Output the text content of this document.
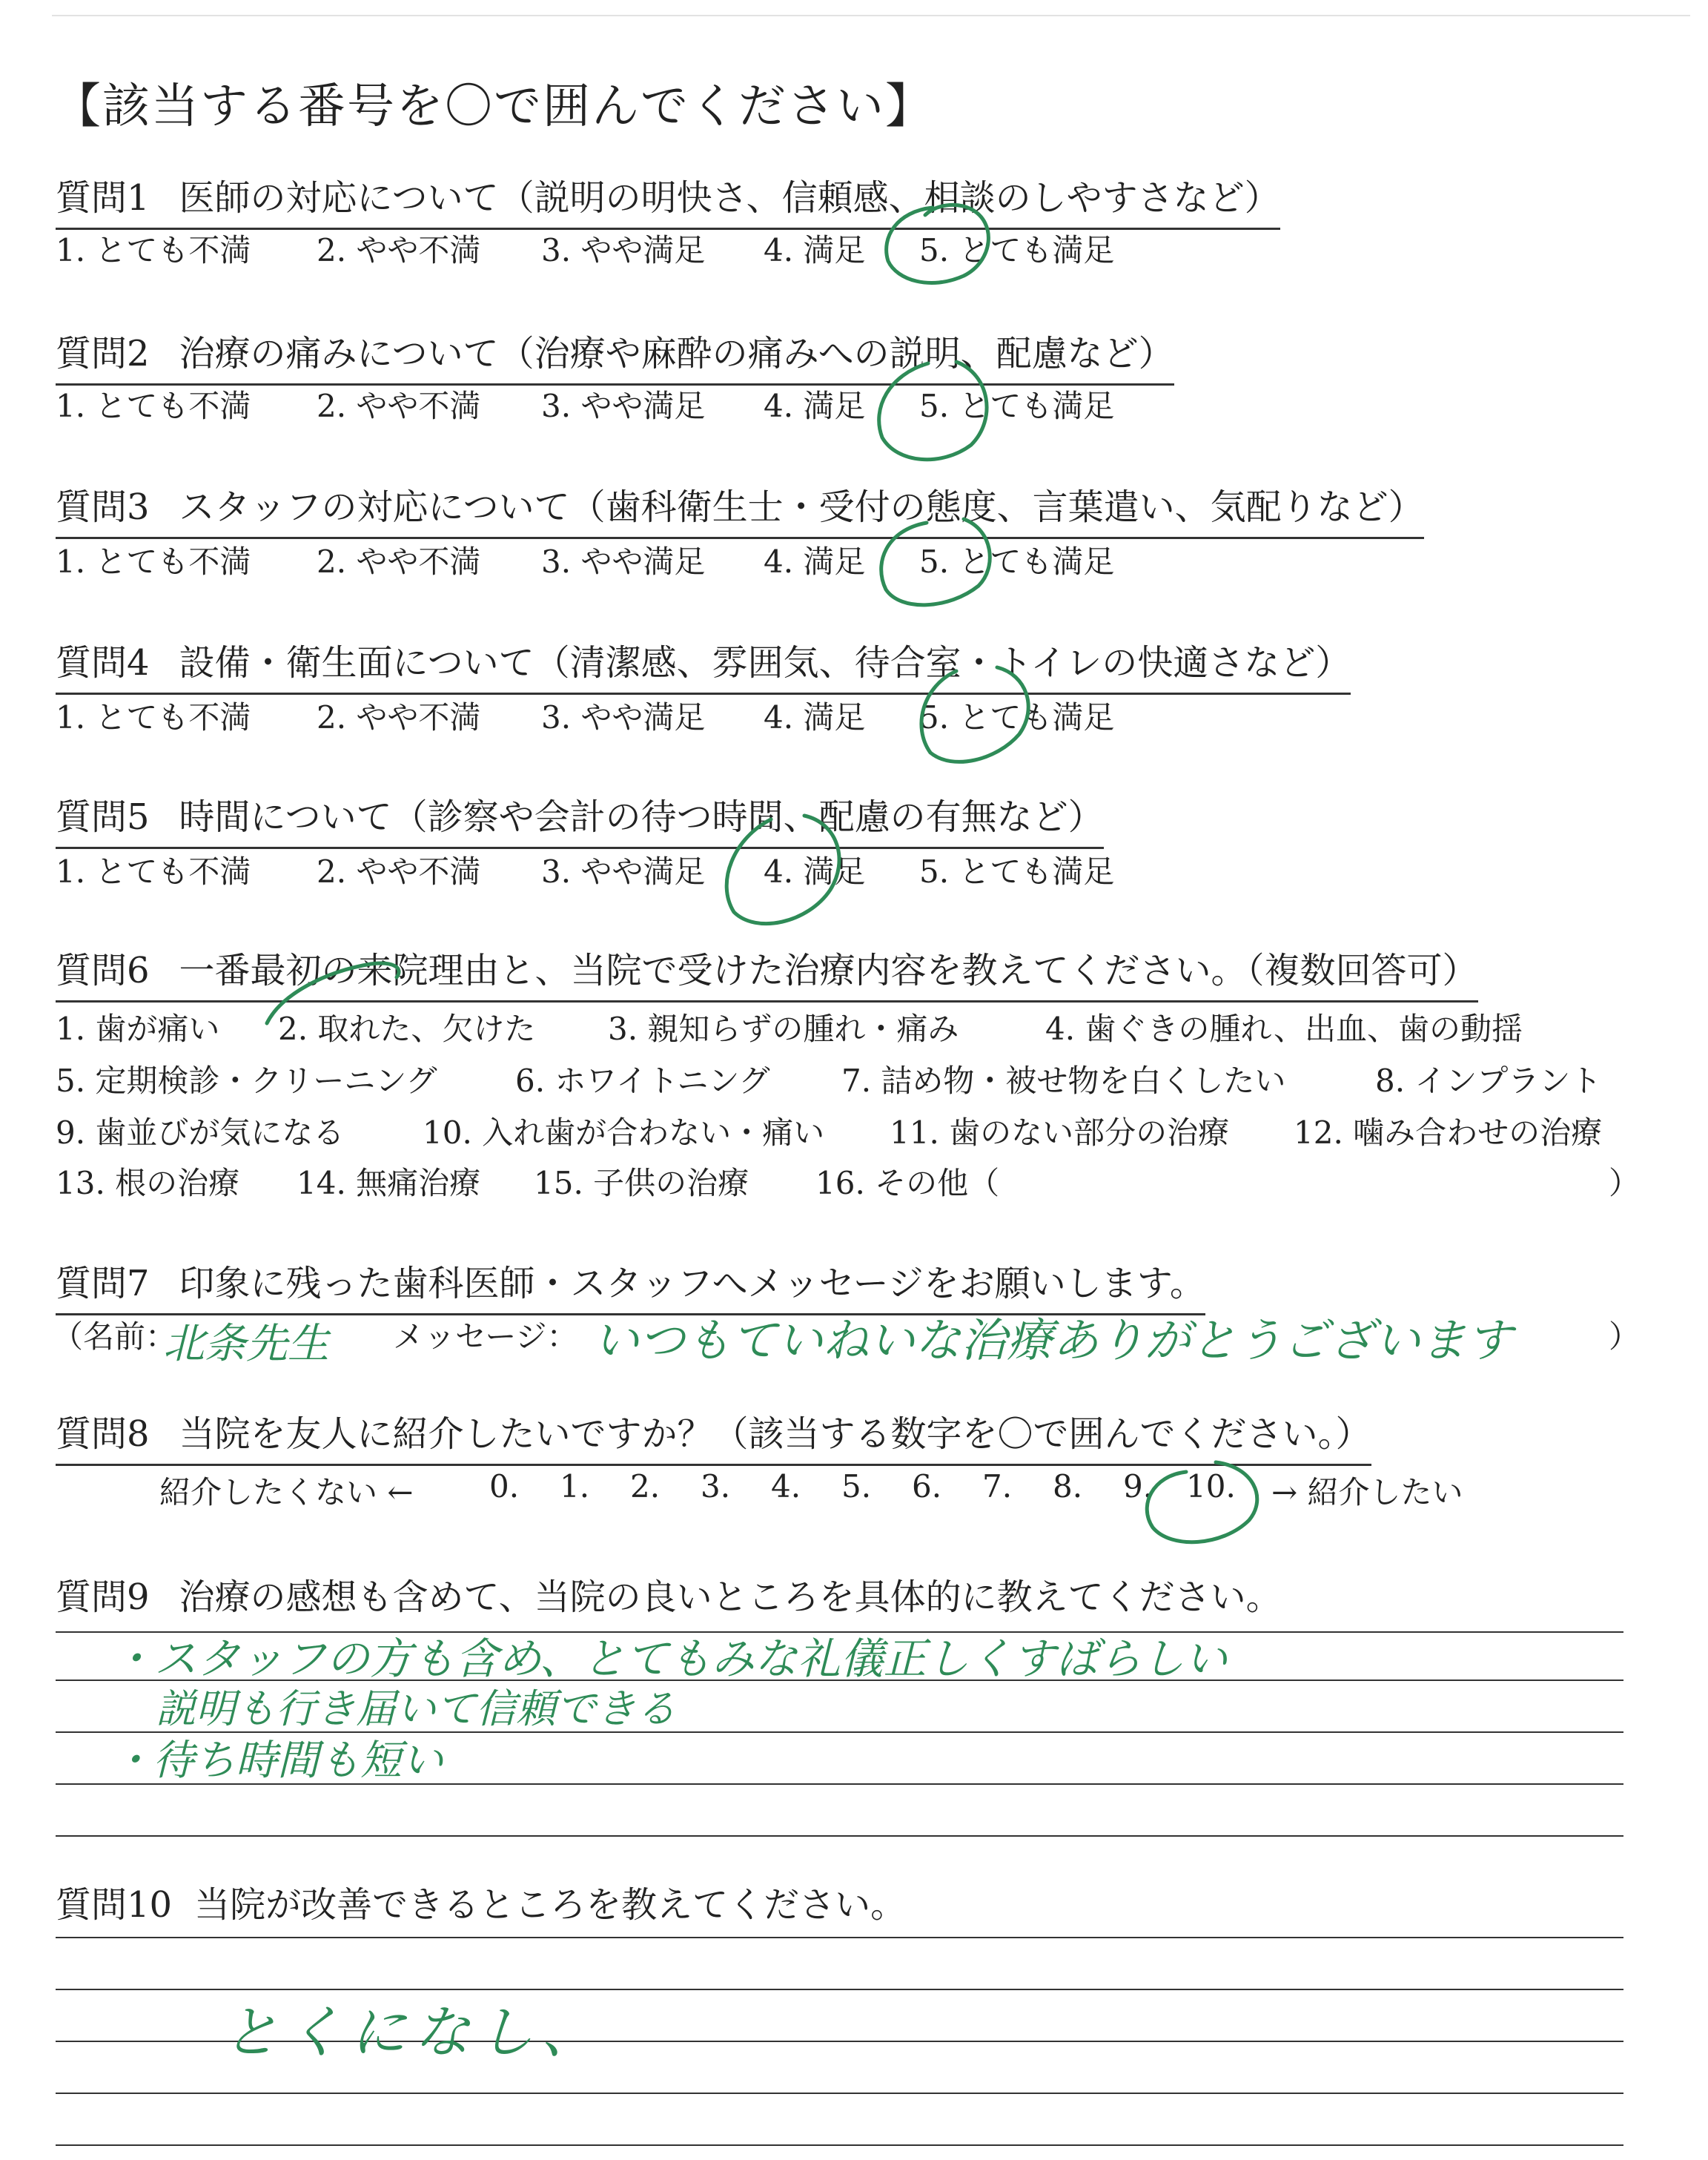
【該当する番号を〇で囲んでください】
質問1 医師の対応について（説明の明快さ、信頼感、相談のしやすさなど）
1. とても不満 2. やや不満 3. やや満足 4. 満足 5. とても満足
質問2 治療の痛みについて（治療や麻酔の痛みへの説明、配慮など）
1. とても不満 2. やや不満 3. やや満足 4. 満足 5. とても満足
質問3 スタッフの対応について（歯科衛生士・受付の態度、言葉遣い、気配りなど）
1. とても不満 2. やや不満 3. やや満足 4. 満足 5. とても満足
質問4 設備・衛生面について（清潔感、雰囲気、待合室・トイレの快適さなど）
1. とても不満 2. やや不満 3. やや満足 4. 満足 5. とても満足
質問5 時間について（診察や会計の待つ時間、配慮の有無など）
1. とても不満 2. やや不満 3. やや満足 4. 満足 5. とても満足
質問6 一番最初の来院理由と、当院で受けた治療内容を教えてください。（複数回答可）
1. 歯が痛い 2. 取れた、欠けた 3. 親知らずの腫れ・痛み	4. 歯ぐきの腫れ、出血、歯の動揺
5. 定期検診・クリーニング	6. ホワイトニング 7. 詰め物・被せ物を白くしたい	8. インプラント
9. 歯並びが気になる	10. 入れ歯が合わない・痛い 11. 歯のない部分の治療 12. 噛み合わせの治療
13. 根の治療 14. 無痛治療 15. 子供の治療 16. その他（	）
質問7 印象に残った歯科医師・スタッフへメッセージをお願いします。
（名前：	メッセージ：	）
北条先生	いつもていねいな治療ありがとうございます
質問8 当院を友人に紹介したいですか？（該当する数字を〇で囲んでください。）
紹介したくない ← 0. 1. 2. 3. 4. 5. 6. 7. 8. 9. 10. → 紹介したい
質問9 治療の感想も含めて、当院の良いところを具体的に教えてください。
・スタッフの方も含め、とてもみな礼儀正しくすばらしい
説明も行き届いて信頼できる
・待ち時間も短い
質問10 当院が改善できるところを教えてください。
とくになし、
